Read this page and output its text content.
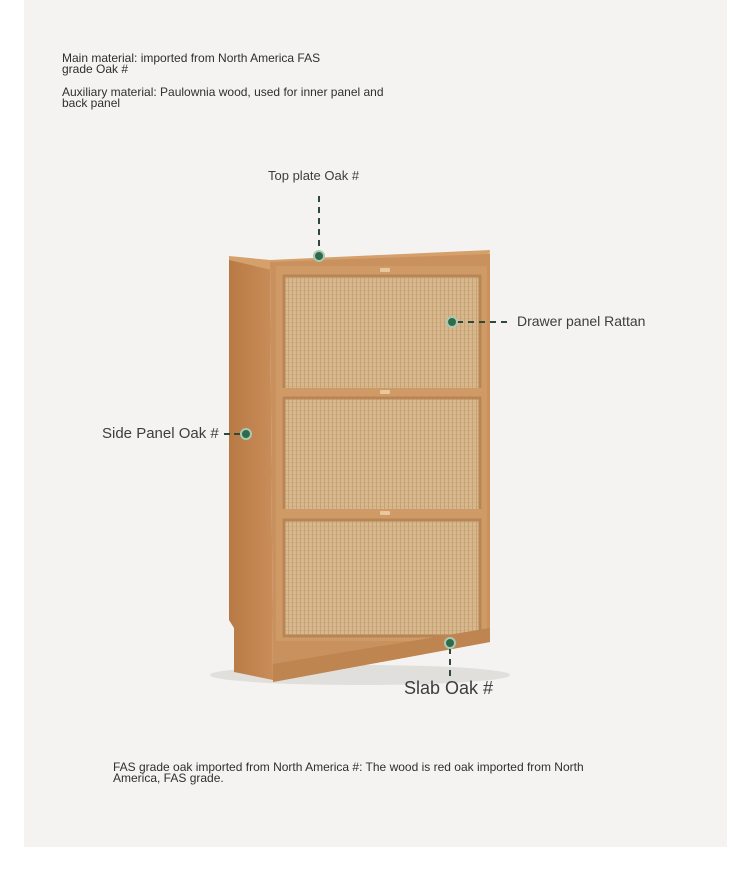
Main material: imported from North America FAS
grade Oak #
Auxiliary material: Paulownia wood, used for inner panel and
back panel
Top plate Oak #
Drawer panel Rattan
Side Panel Oak #
Slab Oak #
FAS grade oak imported from North America #: The wood is red oak imported from North
America, FAS grade.
